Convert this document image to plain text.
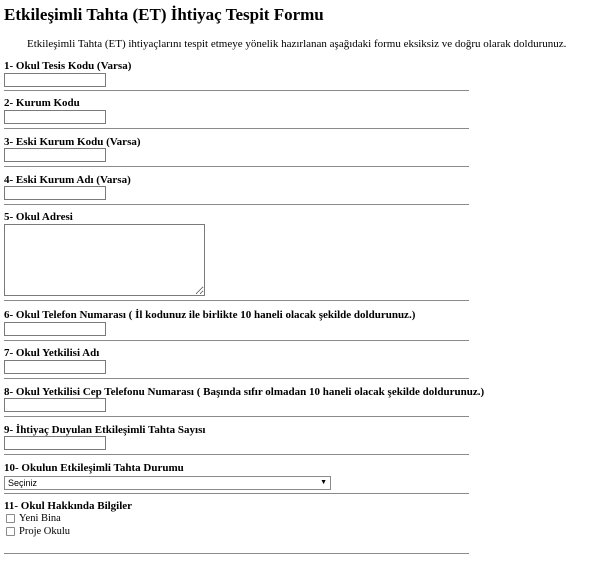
Etkileşimli Tahta (ET) İhtiyaç Tespit Formu

Etkileşimli Tahta (ET) ihtiyaçlarını tespit etmeye yönelik hazırlanan aşağıdaki formu eksiksiz ve doğru olarak doldurunuz.

1- Okul Tesis Kodu (Varsa)
2- Kurum Kodu
3- Eski Kurum Kodu (Varsa)
4- Eski Kurum Adı (Varsa)
5- Okul Adresi
6- Okul Telefon Numarası ( İl kodunuz ile birlikte 10 haneli olacak şekilde doldurunuz.)
7- Okul Yetkilisi Adı
8- Okul Yetkilisi Cep Telefonu Numarası ( Başında sıfır olmadan 10 haneli olacak şekilde doldurunuz.)
9- İhtiyaç Duyulan Etkileşimli Tahta Sayısı
10- Okulun Etkileşimli Tahta Durumu
Seçiniz	▼
11- Okul Hakkında Bilgiler
Yeni Bina
Proje Okulu
